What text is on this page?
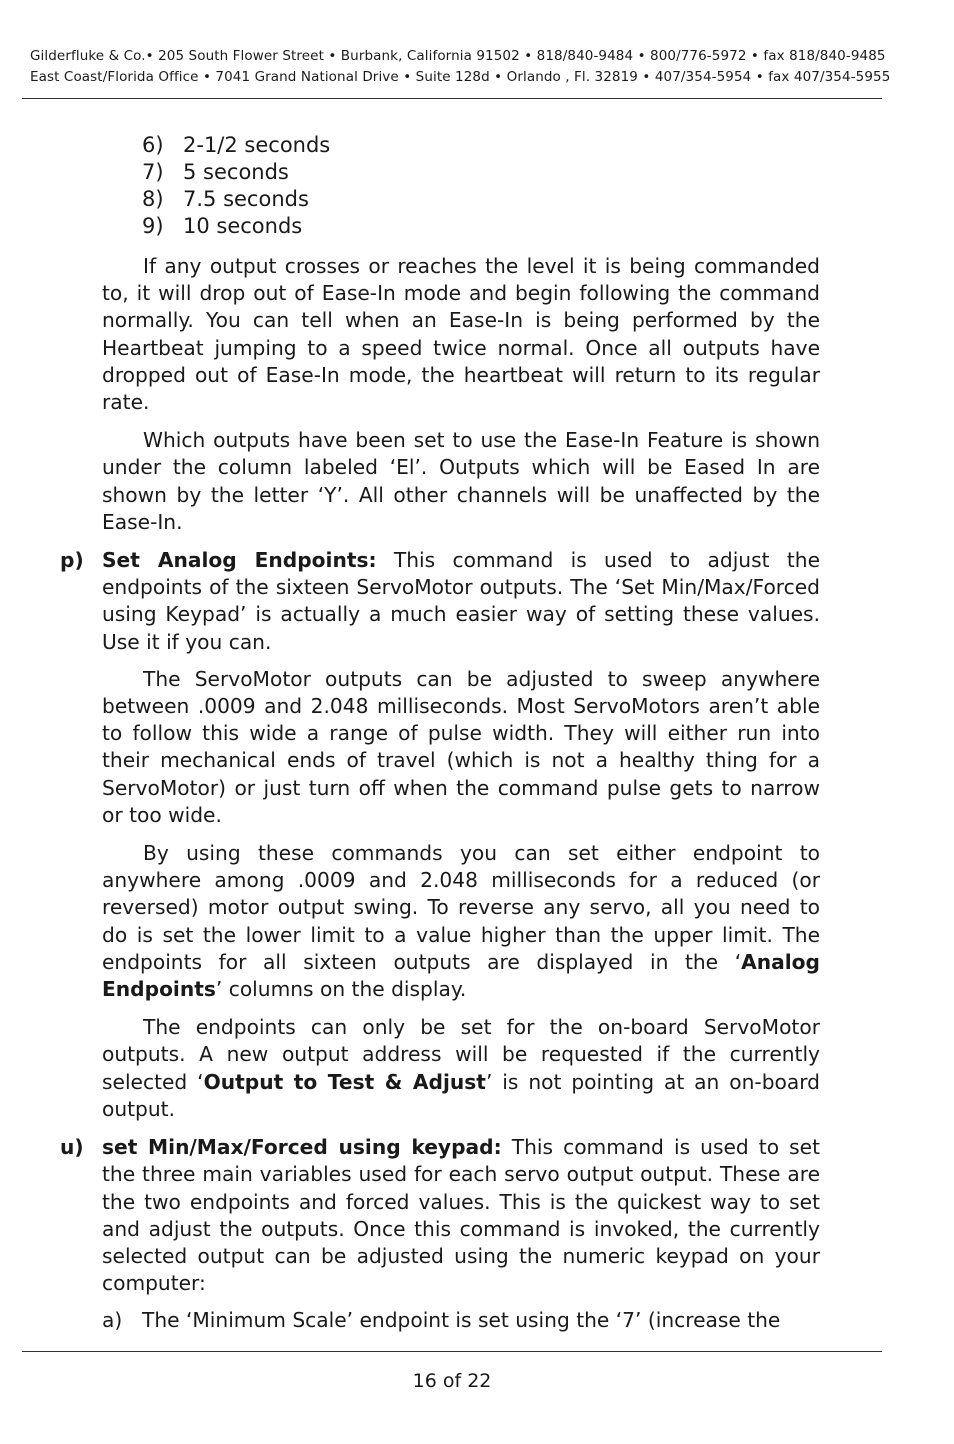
Gilderfluke & Co.• 205 South Flower Street • Burbank, California 91502 • 818/840-9484 • 800/776-5972 • fax 818/840-9485
East Coast/Florida Office • 7041 Grand National Drive • Suite 128d • Orlando , Fl. 32819 • 407/354-5954 • fax 407/354-5955
6) 2-1/2 seconds
7) 5 seconds
8) 7.5 seconds
9) 10 seconds

If any output crosses or reaches the level it is being commanded to, it will drop out of Ease-In mode and begin following the command normally. You can tell when an Ease-In is being performed by the Heartbeat jumping to a speed twice normal. Once all outputs have dropped out of Ease-In mode, the heartbeat will return to its regular rate.

Which outputs have been set to use the Ease-In Feature is shown under the column labeled ‘El’. Outputs which will be Eased In are shown by the letter ‘Y’. All other channels will be unaffected by the Ease-In.

p) Set Analog Endpoints: This command is used to adjust the endpoints of the sixteen ServoMotor outputs. The ‘Set Min/Max/Forced using Keypad’ is actually a much easier way of setting these values. Use it if you can.

The ServoMotor outputs can be adjusted to sweep anywhere between .0009 and 2.048 milliseconds. Most ServoMotors aren’t able to follow this wide a range of pulse width. They will either run into their mechanical ends of travel (which is not a healthy thing for a ServoMotor) or just turn off when the command pulse gets to narrow or too wide.

By using these commands you can set either endpoint to anywhere among .0009 and 2.048 milliseconds for a reduced (or reversed) motor output swing. To reverse any servo, all you need to do is set the lower limit to a value higher than the upper limit. The endpoints for all sixteen outputs are displayed in the ‘Analog Endpoints’ columns on the display.

The endpoints can only be set for the on-board ServoMotor outputs. A new output address will be requested if the currently selected ‘Output to Test & Adjust’ is not pointing at an on-board output.

u) set Min/Max/Forced using keypad: This command is used to set the three main variables used for each servo output output. These are the two endpoints and forced values. This is the quickest way to set and adjust the outputs. Once this command is invoked, the currently selected output can be adjusted using the numeric keypad on your computer:
a) The ‘Minimum Scale’ endpoint is set using the ‘7’ (increase the
16 of 22
